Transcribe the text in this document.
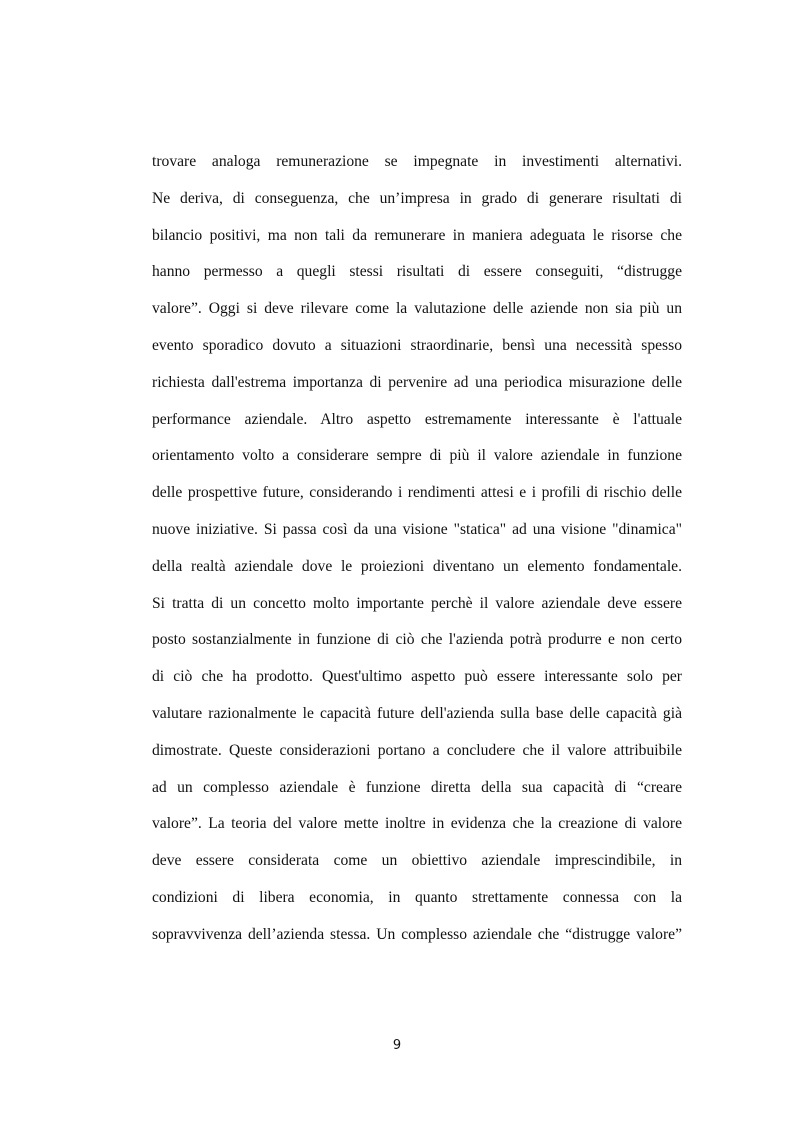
trovare analoga remunerazione se impegnate in investimenti alternativi.
Ne deriva, di conseguenza, che un’impresa in grado di generare risultati di
bilancio positivi, ma non tali da remunerare in maniera adeguata le risorse che
hanno permesso a quegli stessi risultati di essere conseguiti, “distrugge
valore”. Oggi si deve rilevare come la valutazione delle aziende non sia più un
evento sporadico dovuto a situazioni straordinarie, bensì una necessità spesso
richiesta dall'estrema importanza di pervenire ad una periodica misurazione delle
performance aziendale. Altro aspetto estremamente interessante è l'attuale
orientamento volto a considerare sempre di più il valore aziendale in funzione
delle prospettive future, considerando i rendimenti attesi e i profili di rischio delle
nuove iniziative. Si passa così da una visione "statica" ad una visione "dinamica"
della realtà aziendale dove le proiezioni diventano un elemento fondamentale.
Si tratta di un concetto molto importante perchè il valore aziendale deve essere
posto sostanzialmente in funzione di ciò che l'azienda potrà produrre e non certo
di ciò che ha prodotto. Quest'ultimo aspetto può essere interessante solo per
valutare razionalmente le capacità future dell'azienda sulla base delle capacità già
dimostrate. Queste considerazioni portano a concludere che il valore attribuibile
ad un complesso aziendale è funzione diretta della sua capacità di “creare
valore”. La teoria del valore mette inoltre in evidenza che la creazione di valore
deve essere considerata come un obiettivo aziendale imprescindibile, in
condizioni di libera economia, in quanto strettamente connessa con la
sopravvivenza dell’azienda stessa. Un complesso aziendale che “distrugge valore”
9
